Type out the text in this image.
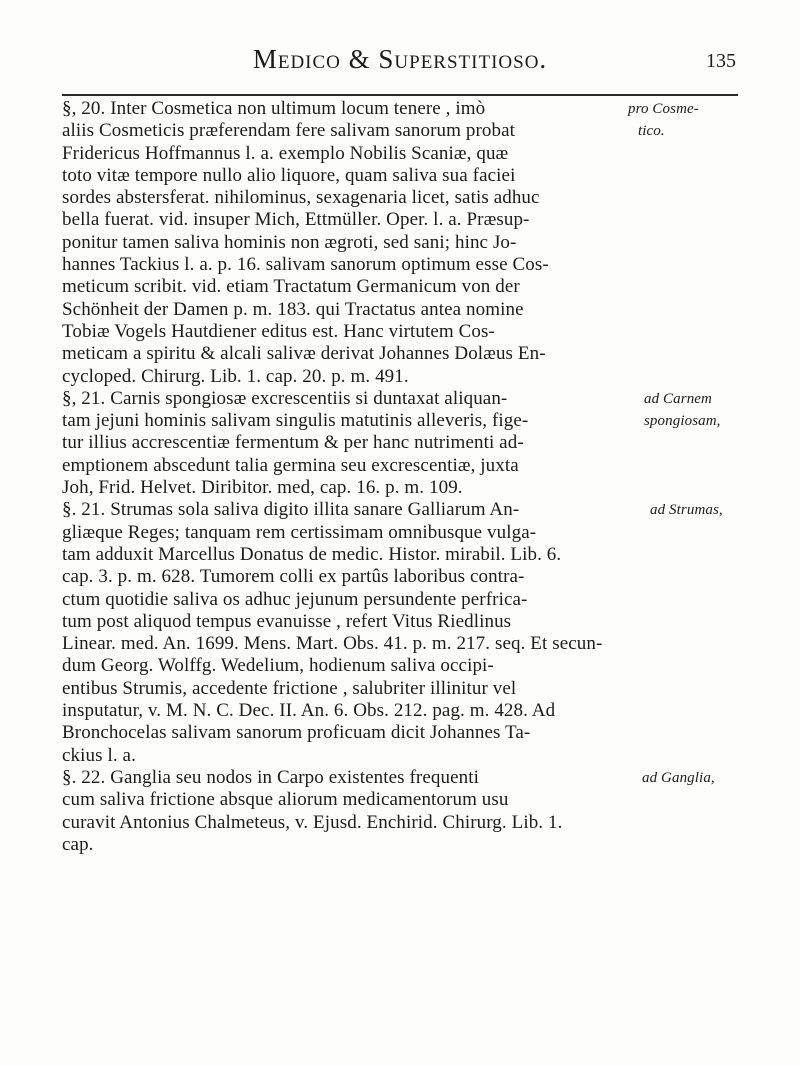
Medico & Superstitioso.	135
§, 20. Inter Cosmetica non ultimum locum tenere , imò	pro Cosme-
aliis Cosmeticis præferendam fere salivam sanorum probat	tico.
Fridericus Hoffmannus l. a. exemplo Nobilis Scaniæ, quæ
toto vitæ tempore nullo alio liquore, quam saliva sua faciei
sordes abstersferat. nihilominus, sexagenaria licet, satis adhuc
bella fuerat. vid. insuper Mich, Ettmüller. Oper. l. a. Præsup-
ponitur tamen saliva hominis non ægroti, sed sani; hinc Jo-
hannes Tackius l. a. p. 16. salivam sanorum optimum esse Cos-
meticum scribit. vid. etiam Tractatum Germanicum von der
Schönheit der Damen p. m. 183. qui Tractatus antea nomine
Tobiæ Vogels Hautdiener editus est. Hanc virtutem Cos-
meticam a spiritu & alcali salivæ derivat Johannes Dolæus En-
cycloped. Chirurg. Lib. 1. cap. 20. p. m. 491.
§, 21. Carnis spongiosæ excrescentiis si duntaxat aliquan-	ad Carnem
tam jejuni hominis salivam singulis matutinis alleveris, fige-	spongiosam,
tur illius accrescentiæ fermentum & per hanc nutrimenti ad-
emptionem abscedunt talia germina seu excrescentiæ, juxta
Joh, Frid. Helvet. Diribitor. med, cap. 16. p. m. 109.
§. 21. Strumas sola saliva digito illita sanare Galliarum An-	ad Strumas,
gliæque Reges; tanquam rem certissimam omnibusque vulga-
tam adduxit Marcellus Donatus de medic. Histor. mirabil. Lib. 6.
cap. 3. p. m. 628. Tumorem colli ex partûs laboribus contra-
ctum quotidie saliva os adhuc jejunum persundente perfrica-
tum post aliquod tempus evanuisse , refert Vitus Riedlinus
Linear. med. An. 1699. Mens. Mart. Obs. 41. p. m. 217. seq. Et secun-
dum Georg. Wolffg. Wedelium, hodienum saliva occipi-
entibus Strumis, accedente frictione , salubriter illinitur vel
insputatur, v. M. N. C. Dec. II. An. 6. Obs. 212. pag. m. 428. Ad
Bronchocelas salivam sanorum proficuam dicit Johannes Ta-
ckius l. a.
§. 22. Ganglia seu nodos in Carpo existentes frequenti	ad Ganglia,
cum saliva frictione absque aliorum medicamentorum usu
curavit Antonius Chalmeteus, v. Ejusd. Enchirid. Chirurg. Lib. 1.
cap.
